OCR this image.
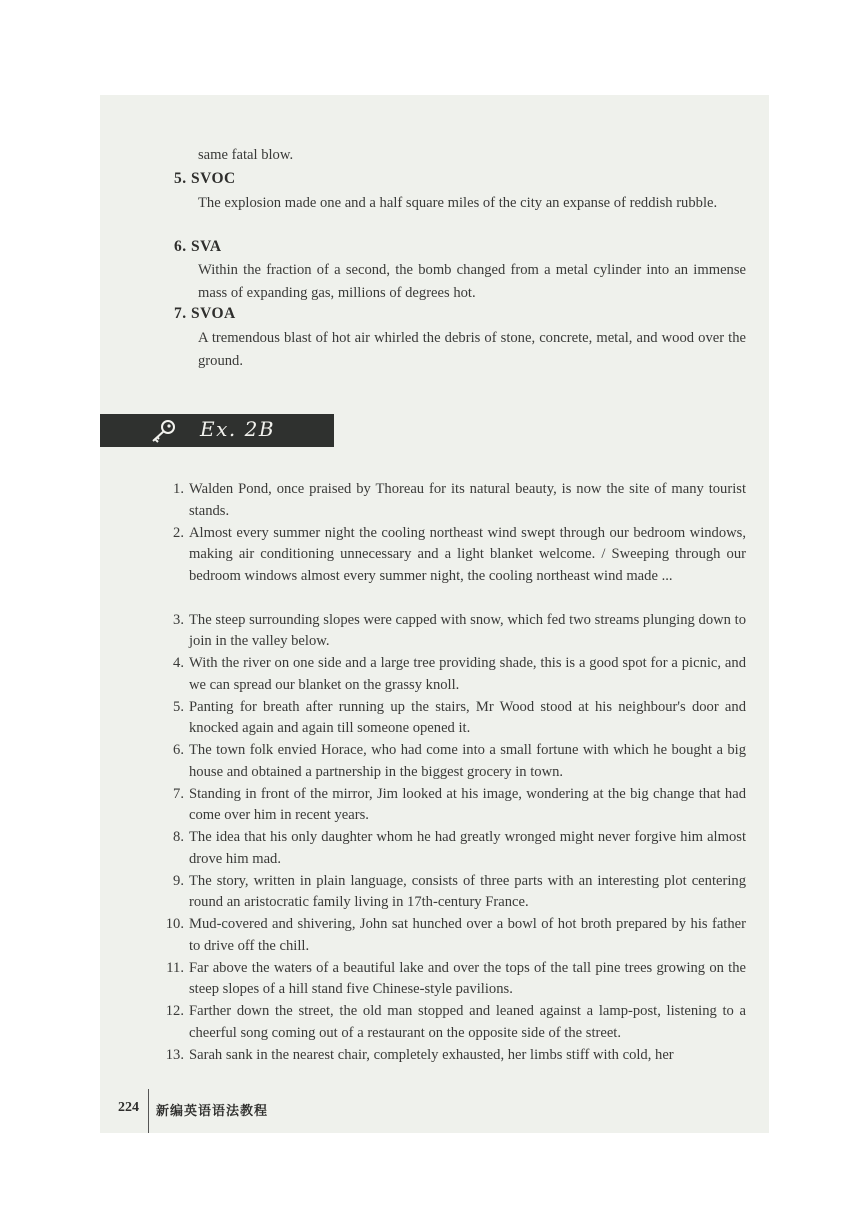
same fatal blow.
5. SVOC
The explosion made one and a half square miles of the city an expanse of reddish rubble.
6. SVA
Within the fraction of a second, the bomb changed from a metal cylinder into an immense mass of expanding gas, millions of degrees hot.
7. SVOA
A tremendous blast of hot air whirled the debris of stone, concrete, metal, and wood over the ground.
Ex. 2B
1. Walden Pond, once praised by Thoreau for its natural beauty, is now the site of many tourist stands.
2. Almost every summer night the cooling northeast wind swept through our bedroom windows, making air conditioning unnecessary and a light blanket welcome. / Sweeping through our bedroom windows almost every summer night, the cooling northeast wind made ...
3. The steep surrounding slopes were capped with snow, which fed two streams plunging down to join in the valley below.
4. With the river on one side and a large tree providing shade, this is a good spot for a picnic, and we can spread our blanket on the grassy knoll.
5. Panting for breath after running up the stairs, Mr Wood stood at his neighbour's door and knocked again and again till someone opened it.
6. The town folk envied Horace, who had come into a small fortune with which he bought a big house and obtained a partnership in the biggest grocery in town.
7. Standing in front of the mirror, Jim looked at his image, wondering at the big change that had come over him in recent years.
8. The idea that his only daughter whom he had greatly wronged might never forgive him almost drove him mad.
9. The story, written in plain language, consists of three parts with an interesting plot centering round an aristocratic family living in 17th-century France.
10. Mud-covered and shivering, John sat hunched over a bowl of hot broth prepared by his father to drive off the chill.
11. Far above the waters of a beautiful lake and over the tops of the tall pine trees growing on the steep slopes of a hill stand five Chinese-style pavilions.
12. Farther down the street, the old man stopped and leaned against a lamp-post, listening to a cheerful song coming out of a restaurant on the opposite side of the street.
13. Sarah sank in the nearest chair, completely exhausted, her limbs stiff with cold, her
224 新编英语语法教程
